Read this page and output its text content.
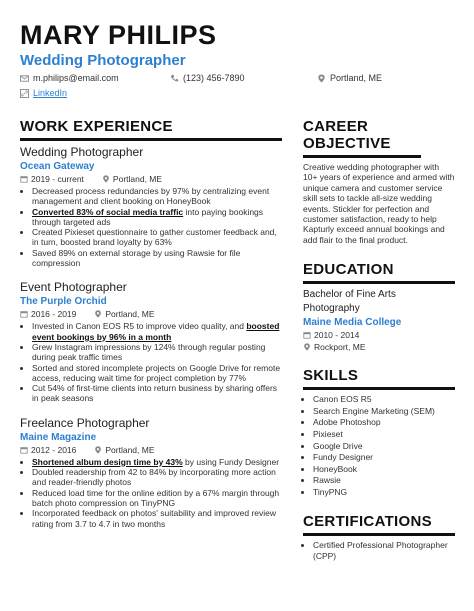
MARY PHILIPS
Wedding Photographer
m.philips@email.com	(123) 456-7890	Portland, ME
LinkedIn
WORK EXPERIENCE
Wedding Photographer
Ocean Gateway
2019 - current	Portland, ME
• Decreased process redundancies by 97% by centralizing event management and client booking on HoneyBook
• Converted 83% of social media traffic into paying bookings through targeted ads
• Created Pixieset questionnaire to gather customer feedback and, in turn, boosted brand loyalty by 63%
• Saved 89% on external storage by using Rawsie for file compression
Event Photographer
The Purple Orchid
2016 - 2019	Portland, ME
• Invested in Canon EOS R5 to improve video quality, and boosted event bookings by 96% in a month
• Grew Instagram impressions by 124% through regular posting during peak traffic times
• Sorted and stored incomplete projects on Google Drive for remote access, reducing wait time for project completion by 77%
• Cut 54% of first-time clients into return business by sharing offers in peak seasons
Freelance Photographer
Maine Magazine
2012 - 2016	Portland, ME
• Shortened album design time by 43% by using Fundy Designer
• Doubled readership from 42 to 84% by incorporating more action and reader-friendly photos
• Reduced load time for the online edition by a 67% margin through batch photo compression on TinyPNG
• Incorporated feedback on photos' suitability and improved review rating from 3.7 to 4.7 in two months
CAREER OBJECTIVE
Creative wedding photographer with 10+ years of experience and armed with unique camera and customer service skill sets to tackle all-size wedding events. Stickler for perfection and customer satisfaction, ready to help Kapturly exceed annual bookings and add flair to the final product.
EDUCATION
Bachelor of Fine Arts Photography
Maine Media College
2010 - 2014
Rockport, ME
SKILLS
• Canon EOS R5
• Search Engine Marketing (SEM)
• Adobe Photoshop
• Pixieset
• Google Drive
• Fundy Designer
• HoneyBook
• Rawsie
• TinyPNG
CERTIFICATIONS
• Certified Professional Photographer (CPP)
